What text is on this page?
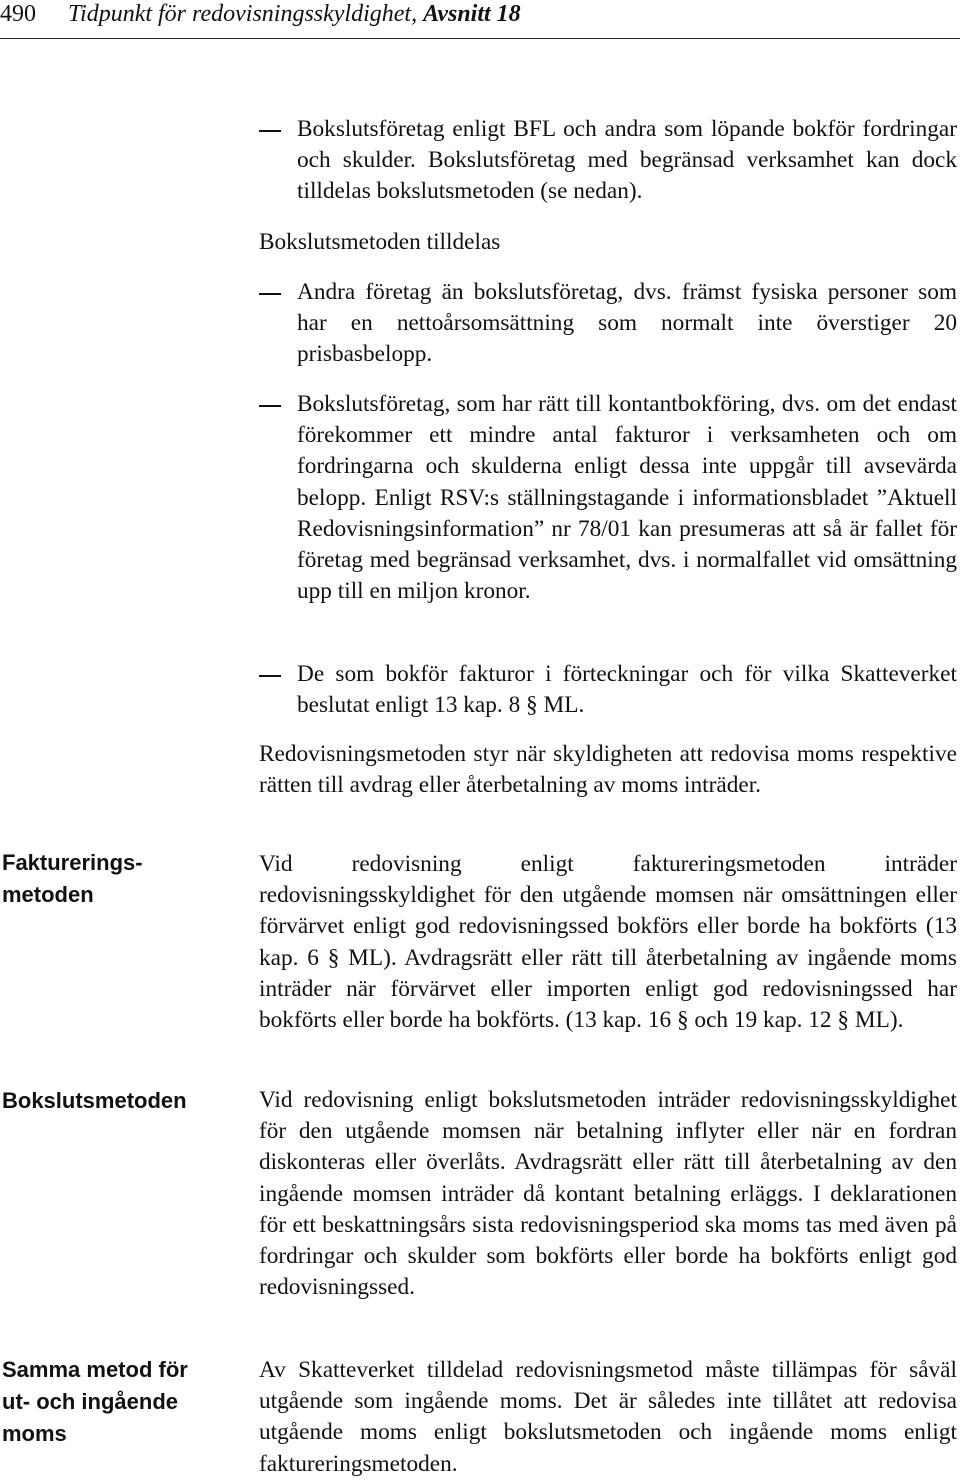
490 Tidpunkt för redovisningsskyldighet, Avsnitt 18

Bokslutsföretag enligt BFL och andra som löpande bokför fordringar och skulder. Bokslutsföretag med begränsad verksamhet kan dock tilldelas bokslutsmetoden (se nedan).

Bokslutsmetoden tilldelas

Andra företag än bokslutsföretag, dvs. främst fysiska personer som har en nettoårsomsättning som normalt inte överstiger 20 prisbasbelopp.

Bokslutsföretag, som har rätt till kontantbokföring, dvs. om det endast förekommer ett mindre antal fakturor i verksamheten och om fordringarna och skulderna enligt dessa inte uppgår till avsevärda belopp. Enligt RSV:s ställningstagande i informationsbladet ”Aktuell Redovisningsinformation” nr 78/01 kan presumeras att så är fallet för företag med begränsad verksamhet, dvs. i normalfallet vid omsättning upp till en miljon kronor.

De som bokför fakturor i förteckningar och för vilka Skatteverket beslutat enligt 13 kap. 8 § ML.

Redovisningsmetoden styr när skyldigheten att redovisa moms respektive rätten till avdrag eller återbetalning av moms inträder.

Vid redovisning enligt faktureringsmetoden inträder redovisningsskyldighet för den utgående momsen när omsättningen eller förvärvet enligt god redovisningssed bokförs eller borde ha bokförts (13 kap. 6 § ML). Avdragsrätt eller rätt till återbetalning av ingående moms inträder när förvärvet eller importen enligt god redovisningssed har bokförts eller borde ha bokförts. (13 kap. 16 § och 19 kap. 12 § ML).

Vid redovisning enligt bokslutsmetoden inträder redovisningsskyldighet för den utgående momsen när betalning inflyter eller när en fordran diskonteras eller överlåts. Avdragsrätt eller rätt till återbetalning av den ingående momsen inträder då kontant betalning erläggs. I deklarationen för ett beskattningsårs sista redovisningsperiod ska moms tas med även på fordringar och skulder som bokförts eller borde ha bokförts enligt god redovisningssed.

Av Skatteverket tilldelad redovisningsmetod måste tillämpas för såväl utgående som ingående moms. Det är således inte tillåtet att redovisa utgående moms enligt bokslutsmetoden och ingående moms enligt faktureringsmetoden.

Fakturerings-metoden
Bokslutsmetoden
Samma metod för ut- och ingående moms
